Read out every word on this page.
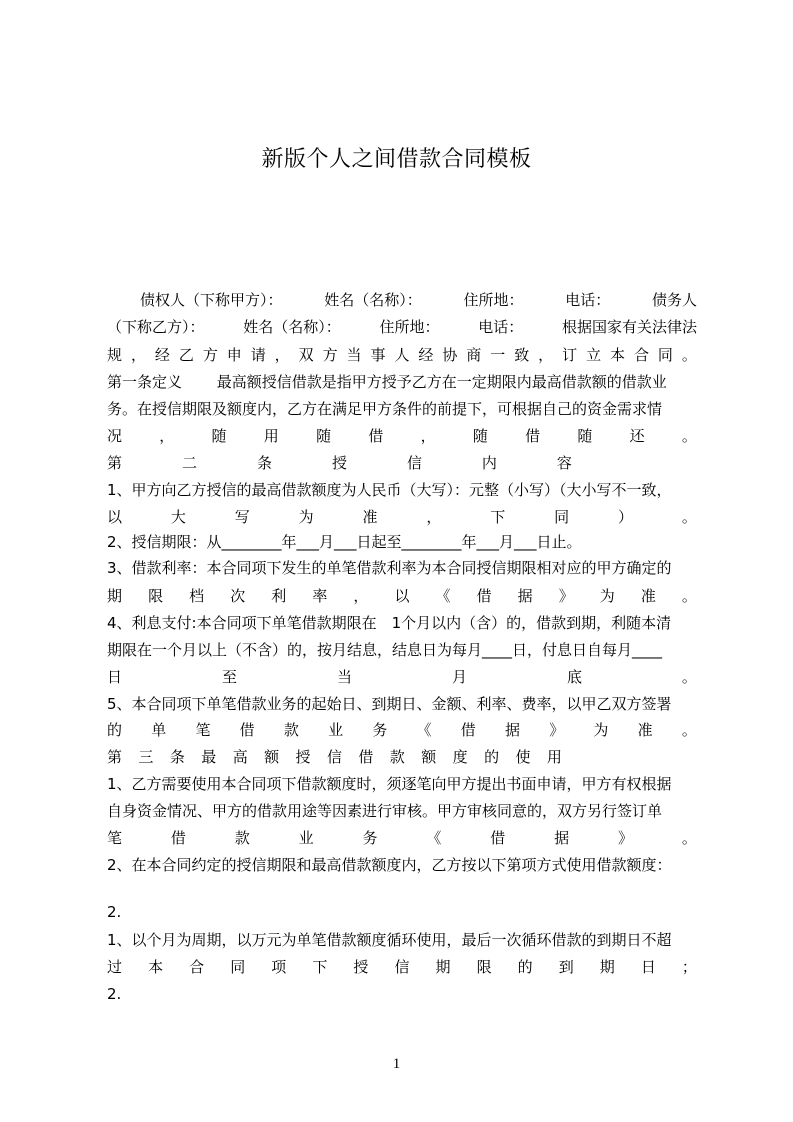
新版个人之间借款合同模板
债权人（下称甲方）：	姓名（名称）：	住所地：	电话：	债务人
（下称乙方）：	姓名（名称）：	住所地：	电话：	根据国家有关法律法
规 ， 经 乙 方 申 请 ， 双 方 当 事 人 经 协 商 一 致 ， 订 立 本 合 同 。
第一条定义　　 最高额授信借款是指甲方授予乙方在一定期限内最高借款额的借款业
务。在授信期限及额度内，乙方在满足甲方条件的前提下，可根据自己的资金需求情
况 ， 随 用 随 借 ， 随 借 随 还 。
第	二	条	授	信	内	容
1、甲方向乙方授信的最高借款额度为人民币（大写）：元整（小写）（大小写不一致，
以	大	写	为	准	，	下	同	）	。
2、授信期限：从________年___月___日起至________年___月___日止。
3、借款利率：本合同项下发生的单笔借款利率为本合同授信期限相对应的甲方确定的
期 限 档 次 利 率 ， 以 《 借 据 》 为 准 。
4、利息支付:本合同项下单笔借款期限在　1个月以内（含）的，借款到期，利随本清
期限在一个月以上（不含）的，按月结息，结息日为每月____日，付息日自每月____
日	至	当	月	底	。
5、本合同项下单笔借款业务的起始日、到期日、金额、利率、费率，以甲乙双方签署
的 单 笔 借 款 业 务 《 借 据 》 为 准 。
第 三 条 最 高 额 授 信 借 款 额 度 的 使 用
1、乙方需要使用本合同项下借款额度时，须逐笔向甲方提出书面申请，甲方有权根据
自身资金情况、甲方的借款用途等因素进行审核。甲方审核同意的，双方另行签订单
笔	借	款	业	务	《	借	据	》	。
2、在本合同约定的授信期限和最高借款额度内，乙方按以下第项方式使用借款额度：
2.
1、以个月为周期，以万元为单笔借款额度循环使用，最后一次循环借款的到期日不超
过 本 合 同 项 下 授 信 期 限 的 到 期 日 ；
2.
1
